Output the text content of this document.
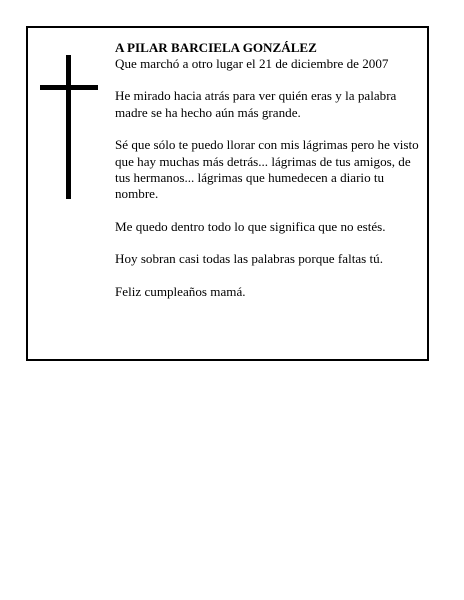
A PILAR BARCIELA GONZÁLEZ
Que marchó a otro lugar el 21 de diciembre de 2007

He mirado hacia atrás para ver quién eras y la palabra madre se ha hecho aún más grande.

Sé que sólo te puedo llorar con mis lágrimas pero he visto que hay muchas más detrás... lágrimas de tus amigos, de tus hermanos... lágrimas que humedecen a diario tu nombre.

Me quedo dentro todo lo que significa que no estés.

Hoy sobran casi todas las palabras porque faltas tú.

Feliz cumpleaños mamá.
